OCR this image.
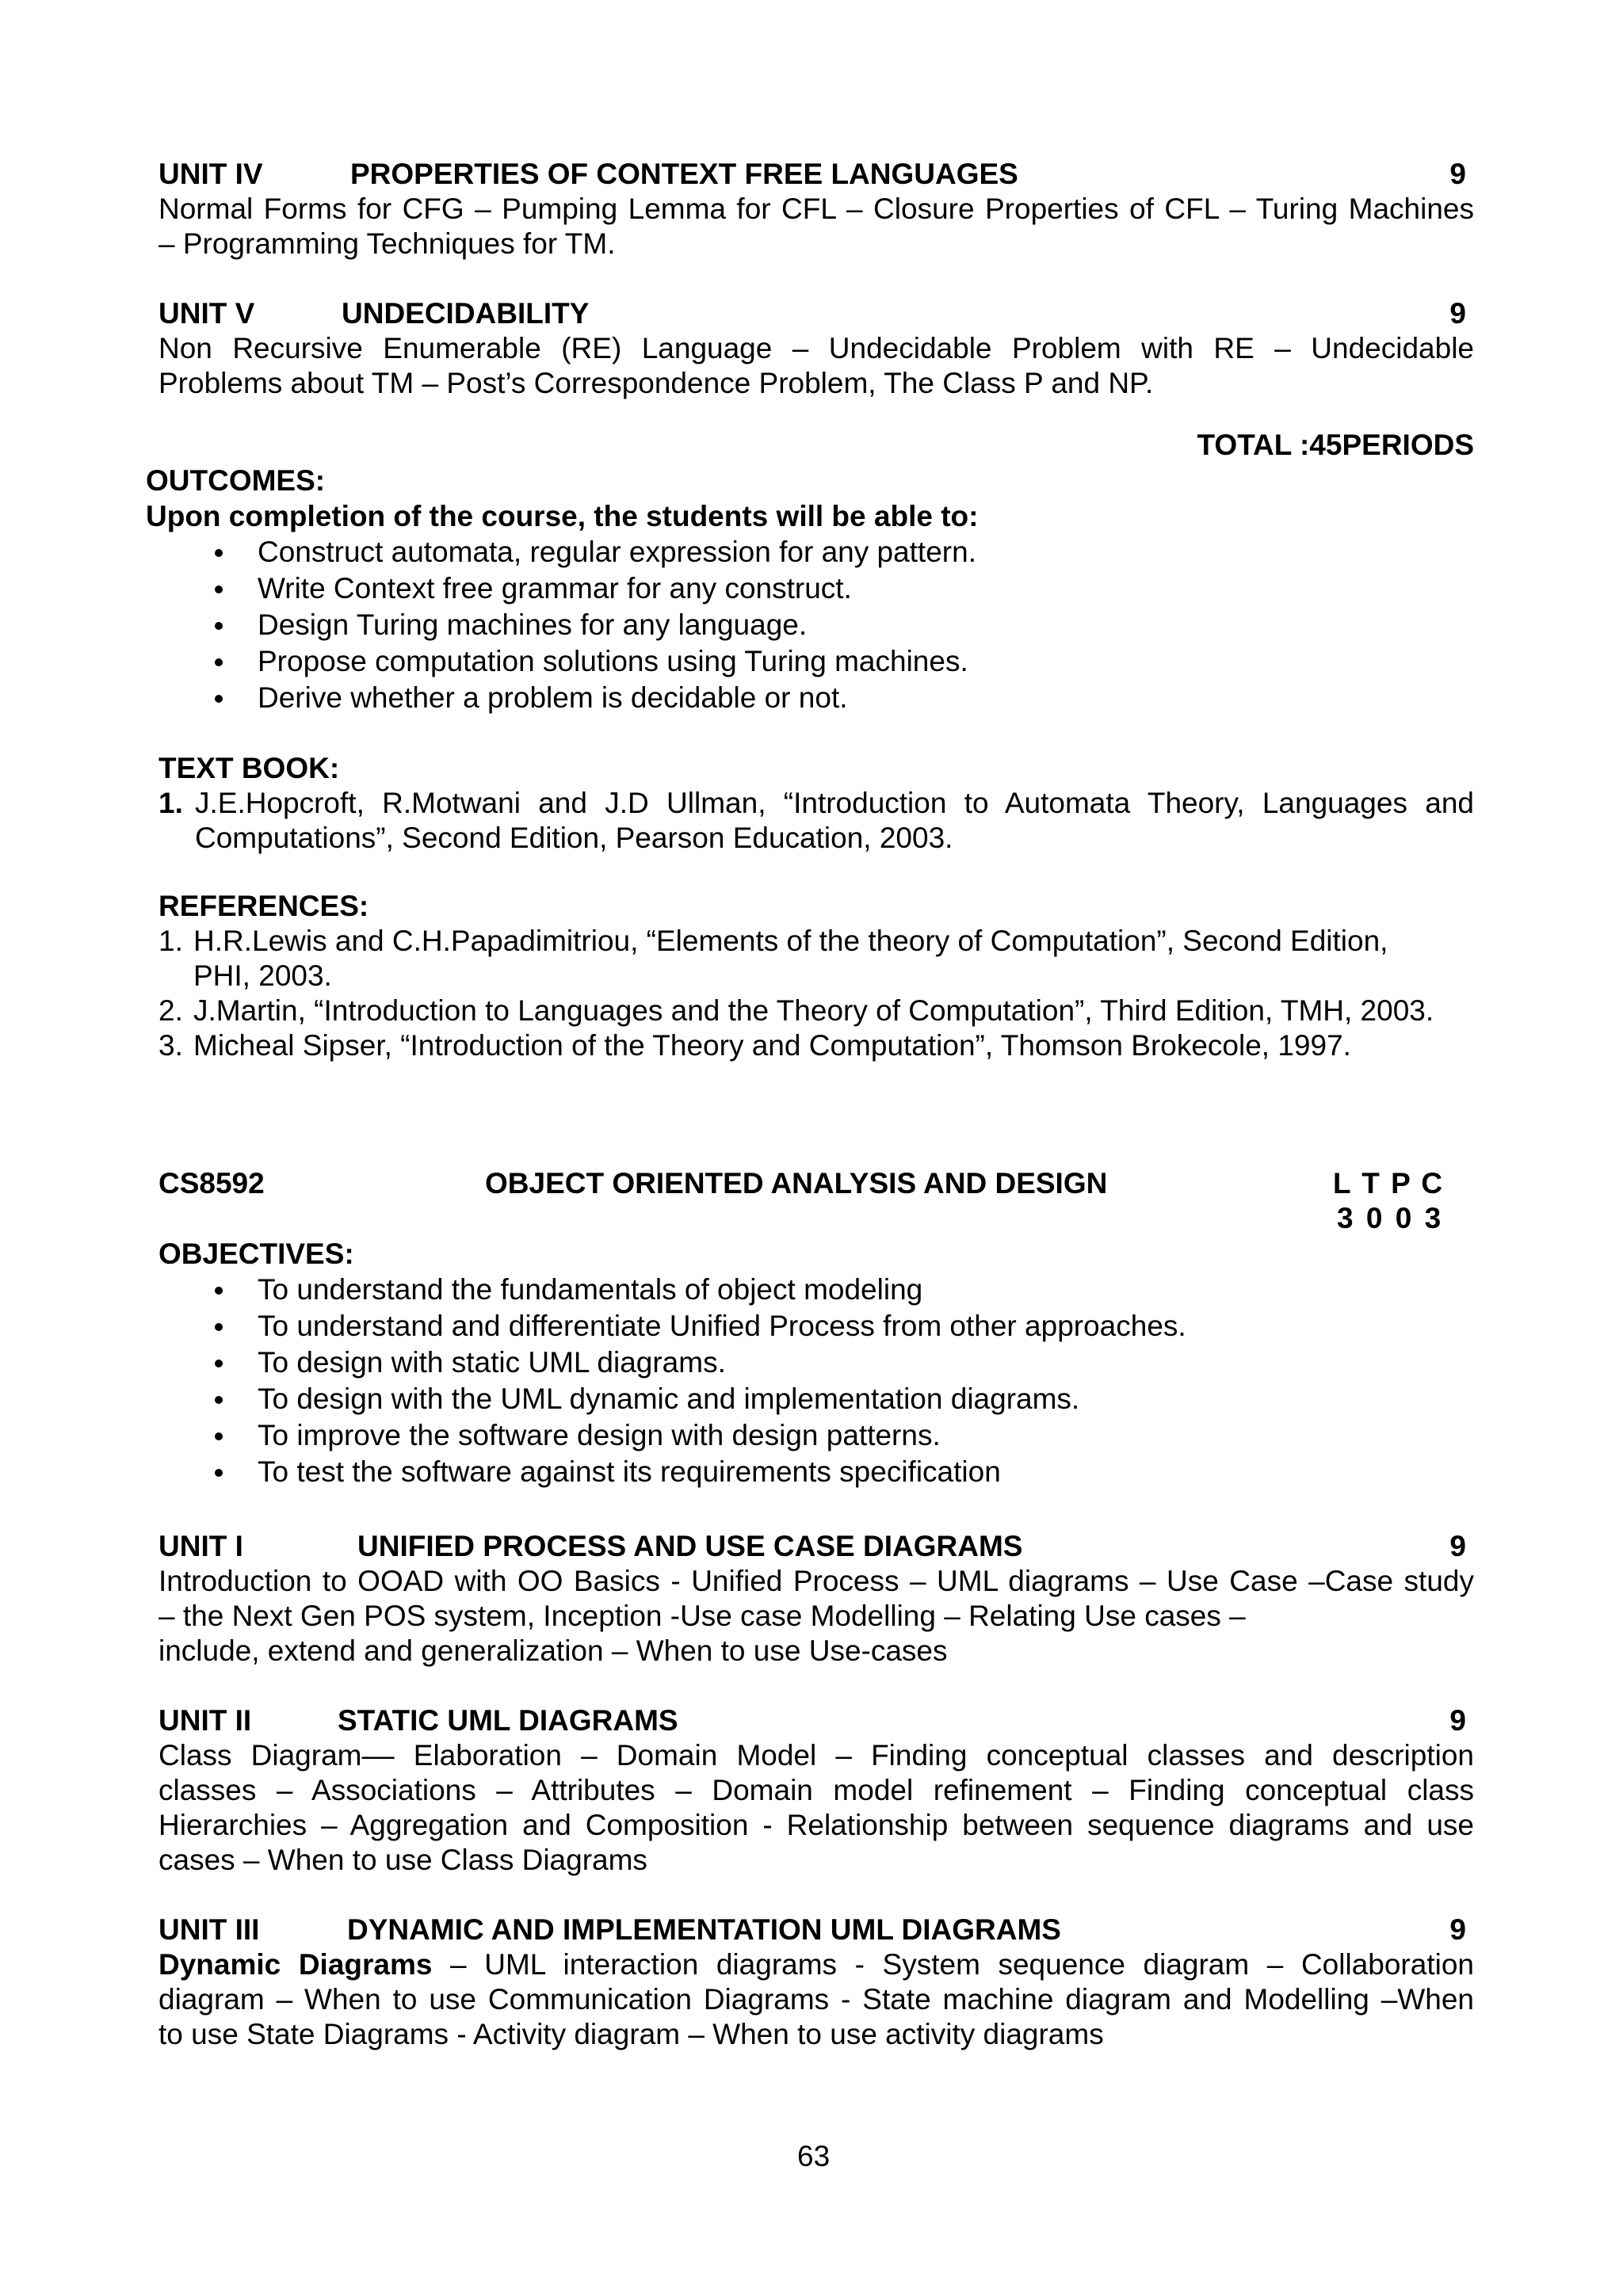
UNIT IV	PROPERTIES OF CONTEXT FREE LANGUAGES	9
Normal Forms for CFG – Pumping Lemma for CFL – Closure Properties of CFL – Turing Machines
– Programming Techniques for TM.
UNIT V	UNDECIDABILITY	9
Non Recursive Enumerable (RE) Language – Undecidable Problem with RE – Undecidable
Problems about TM – Post’s Correspondence Problem, The Class P and NP.
TOTAL :45PERIODS
OUTCOMES:
Upon completion of the course, the students will be able to:
Construct automata, regular expression for any pattern.
Write Context free grammar for any construct.
Design Turing machines for any language.
Propose computation solutions using Turing machines.
Derive whether a problem is decidable or not.
TEXT BOOK:
1. J.E.Hopcroft, R.Motwani and J.D Ullman, “Introduction to Automata Theory, Languages and
Computations”, Second Edition, Pearson Education, 2003.
REFERENCES:
1. H.R.Lewis and C.H.Papadimitriou, “Elements of the theory of Computation”, Second Edition,
PHI, 2003.
2. J.Martin, “Introduction to Languages and the Theory of Computation”, Third Edition, TMH, 2003.
3. Micheal Sipser, “Introduction of the Theory and Computation”, Thomson Brokecole, 1997.
CS8592	OBJECT ORIENTED ANALYSIS AND DESIGN	L T P C
3 0 0 3
OBJECTIVES:
To understand the fundamentals of object modeling
To understand and differentiate Unified Process from other approaches.
To design with static UML diagrams.
To design with the UML dynamic and implementation diagrams.
To improve the software design with design patterns.
To test the software against its requirements specification
UNIT I	UNIFIED PROCESS AND USE CASE DIAGRAMS	9
Introduction to OOAD with OO Basics - Unified Process – UML diagrams – Use Case –Case study
– the Next Gen POS system, Inception -Use case Modelling – Relating Use cases –
include, extend and generalization – When to use Use-cases
UNIT II	STATIC UML DIAGRAMS	9
Class Diagram–– Elaboration – Domain Model – Finding conceptual classes and description
classes – Associations – Attributes – Domain model refinement – Finding conceptual class
Hierarchies – Aggregation and Composition - Relationship between sequence diagrams and use
cases – When to use Class Diagrams
UNIT III	DYNAMIC AND IMPLEMENTATION UML DIAGRAMS	9
Dynamic Diagrams – UML interaction diagrams - System sequence diagram – Collaboration
diagram – When to use Communication Diagrams - State machine diagram and Modelling –When
to use State Diagrams - Activity diagram – When to use activity diagrams
63
